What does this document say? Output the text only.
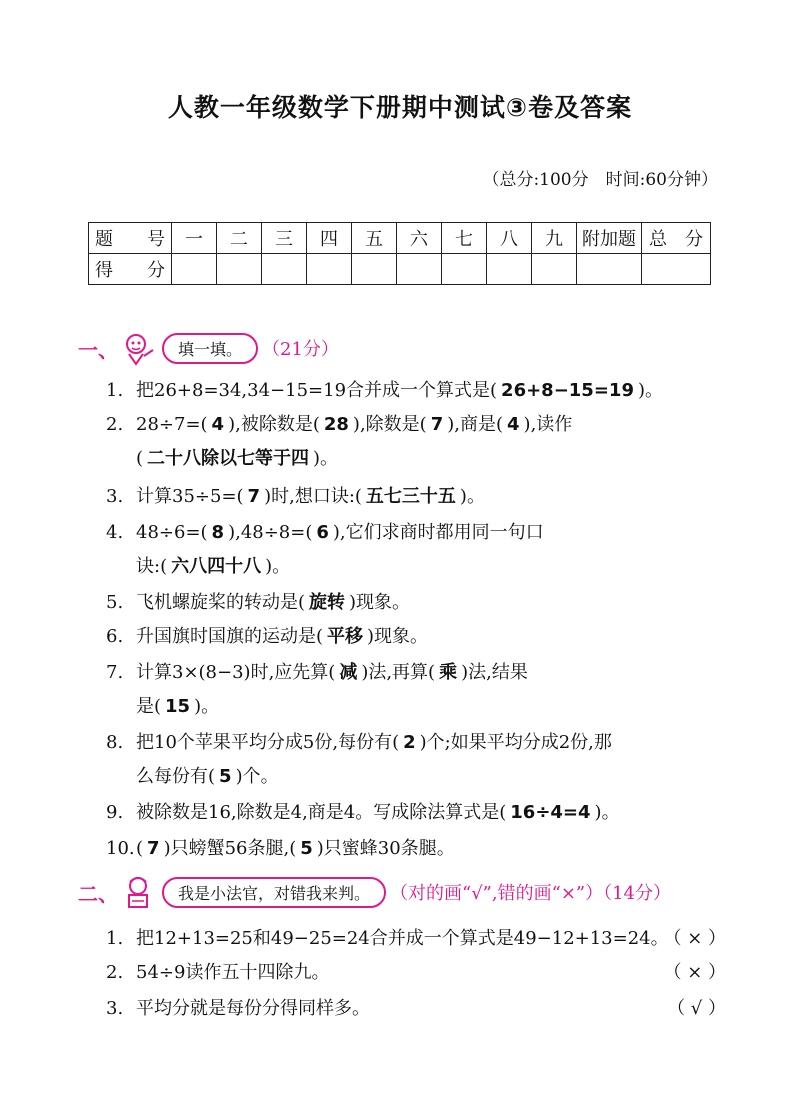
人教一年级数学下册期中测试③卷及答案
（总分:100分　时间:60分钟）
题　号	一	二	三	四	五	六	七	八	九	附加题	总　分
得　分											
一、	填一填。	（21分）
1. 把26+8=34,34−15=19合并成一个算式是( 26+8−15=19 )。
2. 28÷7=( 4 ),被除数是( 28 ),除数是( 7 ),商是( 4 ),读作
( 二十八除以七等于四 )。
3. 计算35÷5=( 7 )时,想口诀:( 五七三十五 )。
4. 48÷6=( 8 ),48÷8=( 6 ),它们求商时都用同一句口
诀:( 六八四十八 )。
5. 飞机螺旋桨的转动是( 旋转 )现象。
6. 升国旗时国旗的运动是( 平移 )现象。
7. 计算3×(8−3)时,应先算( 减 )法,再算( 乘 )法,结果
是( 15 )。
8. 把10个苹果平均分成5份,每份有( 2 )个;如果平均分成2份,那
么每份有( 5 )个。
9. 被除数是16,除数是4,商是4。写成除法算式是( 16÷4=4 )。
10.( 7 )只螃蟹56条腿,( 5 )只蜜蜂30条腿。
二、	我是小法官，对错我来判。	（对的画“√”,错的画“×”）（14分）
1. 把12+13=25和49−25=24合并成一个算式是49−12+13=24。
（ × ）
2. 54÷9读作五十四除九。	（ × ）
3. 平均分就是每份分得同样多。	（ √ ）
